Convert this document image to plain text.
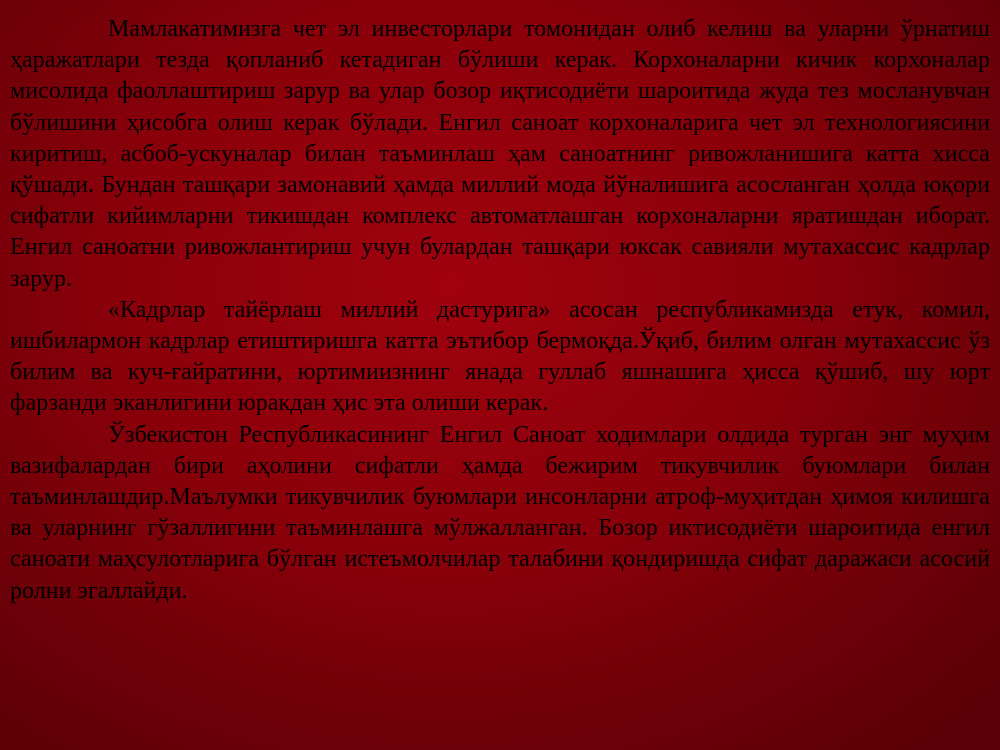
Мамлакатимизга чет эл инвесторлари томонидан олиб келиш ва уларни ўрнатиш ҳаражатлари тезда қопланиб кетадиган бўлиши керак. Корхоналарни кичик корхоналар мисолида фаоллаштириш зарур ва улар бозор иқтисодиёти шароитида жуда тез мосланувчан бўлишини ҳисобга олиш керак бўлади. Енгил саноат корхоналарига чет эл технологиясини киритиш, асбоб-ускуналар билан таъминлаш ҳам саноатнинг ривожланишига катта хисса қўшади. Бундан ташқари замонавий ҳамда миллий мода йўналишига асосланган ҳолда юқори сифатли кийимларни тикишдан комплекс автоматлашган корхоналарни яратишдан иборат. Енгил саноатни ривожлантириш учун булардан ташқари юксак савияли мутахассис кадрлар зарур.

«Кадрлар тайёрлаш миллий дастурига» асосан республикамизда етук, комил, ишбилармон кадрлар етиштиришга катта эътибор бермоқда.Ўқиб, билим олган мутахассис ўз билим ва куч-ғайратини, юртимиизнинг янада гуллаб яшнашига ҳисса қўшиб, шу юрт фарзанди эканлигини юракдан ҳис эта олиши керак.

Ўзбекистон Республикасининг Енгил Саноат ходимлари олдида турган энг муҳим вазифалардан бири аҳолини сифатли ҳамда бежирим тикувчилик буюмлари билан таъминлашдир.Маълумки тикувчилик буюмлари инсонларни атроф-муҳитдан ҳимоя килишга ва уларнинг гўзаллигини таъминлашга мўлжалланган. Бозор иктисодиёти шароитида енгил саноати маҳсулотларига бўлган истеъмолчилар талабини қондиришда сифат даражаси асосий ролни эгаллайди.
